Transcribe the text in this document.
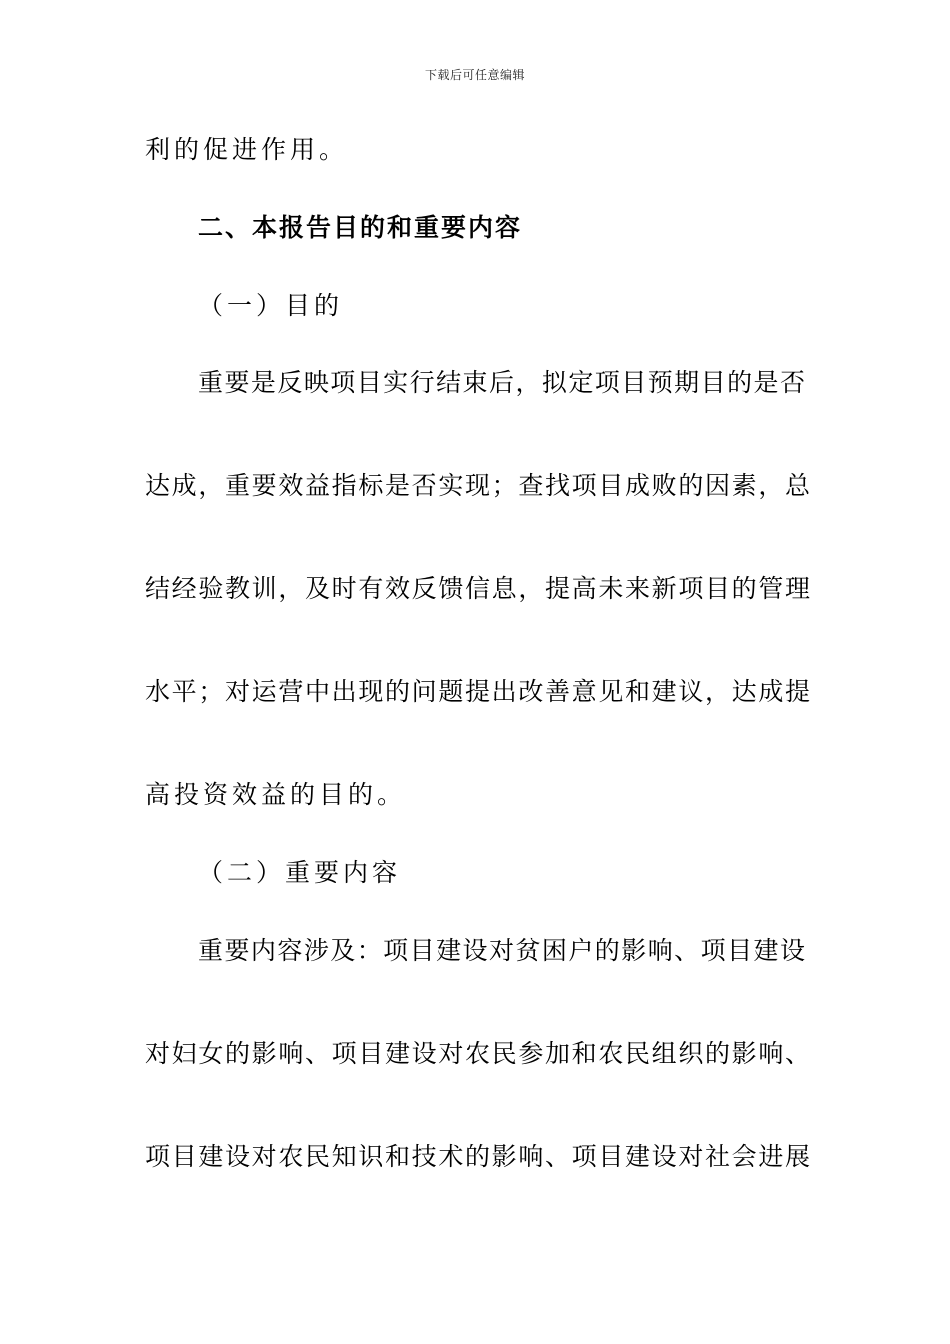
下载后可任意编辑
利的促进作用。
二、本报告目的和重要内容
（一）目的
重要是反映项目实行结束后，拟定项目预期目的是否
达成，重要效益指标是否实现；查找项目成败的因素，总
结经验教训，及时有效反馈信息，提高未来新项目的管理
水平；对运营中出现的问题提出改善意见和建议，达成提
高投资效益的目的。
（二）重要内容
重要内容涉及：项目建设对贫困户的影响、项目建设
对妇女的影响、项目建设对农民参加和农民组织的影响、
项目建设对农民知识和技术的影响、项目建设对社会进展
